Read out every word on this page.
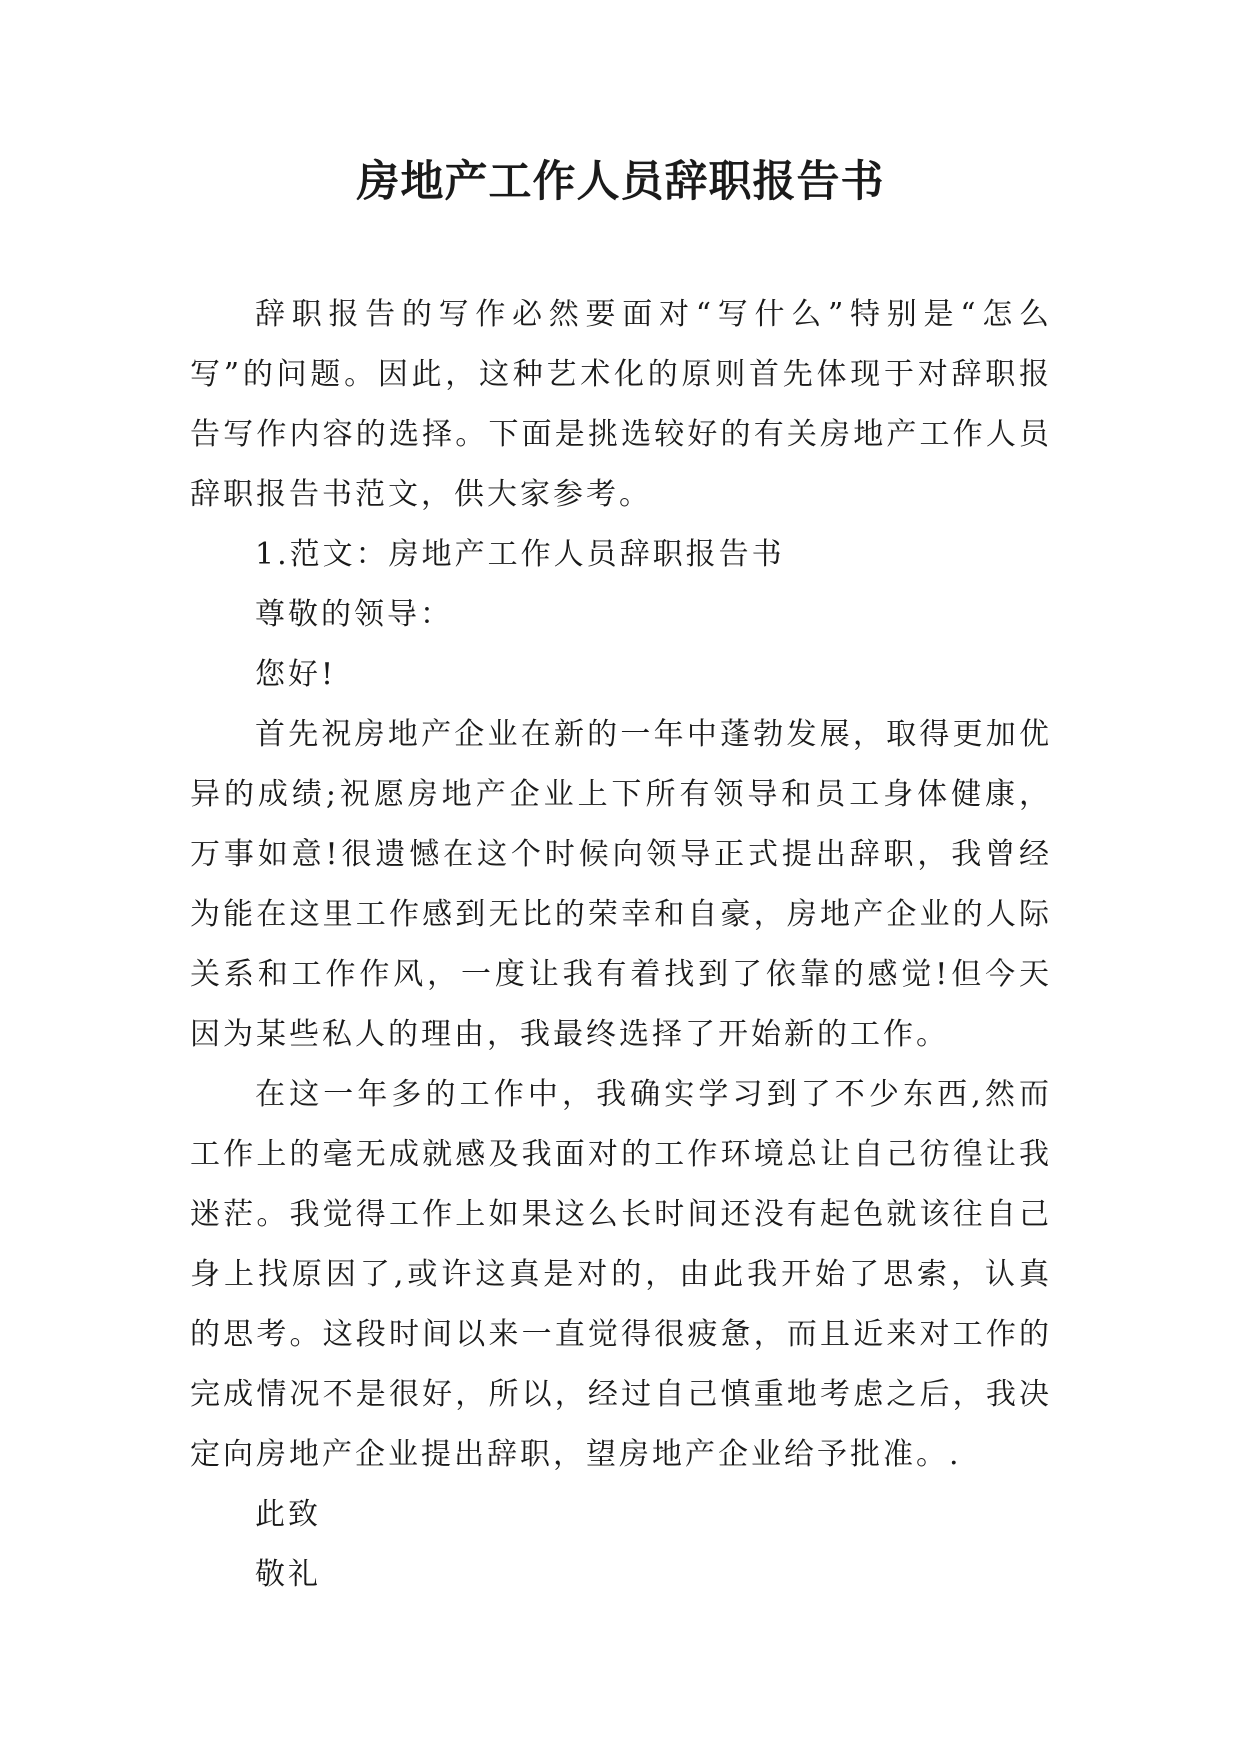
房地产工作人员辞职报告书

辞职报告的写作必然要面对“写什么”特别是“怎么写”的问题。因此，这种艺术化的原则首先体现于对辞职报告写作内容的选择。下面是挑选较好的有关房地产工作人员辞职报告书范文，供大家参考。

1.范文：房地产工作人员辞职报告书

尊敬的领导：

您好!

首先祝房地产企业在新的一年中蓬勃发展，取得更加优异的成绩;祝愿房地产企业上下所有领导和员工身体健康，万事如意!很遗憾在这个时候向领导正式提出辞职，我曾经为能在这里工作感到无比的荣幸和自豪，房地产企业的人际关系和工作作风，一度让我有着找到了依靠的感觉!但今天因为某些私人的理由，我最终选择了开始新的工作。

在这一年多的工作中，我确实学习到了不少东西,然而工作上的毫无成就感及我面对的工作环境总让自己彷徨让我迷茫。我觉得工作上如果这么长时间还没有起色就该往自己身上找原因了,或许这真是对的，由此我开始了思索，认真的思考。这段时间以来一直觉得很疲惫，而且近来对工作的完成情况不是很好，所以，经过自己慎重地考虑之后，我决定向房地产企业提出辞职，望房地产企业给予批准。.

此致

敬礼
